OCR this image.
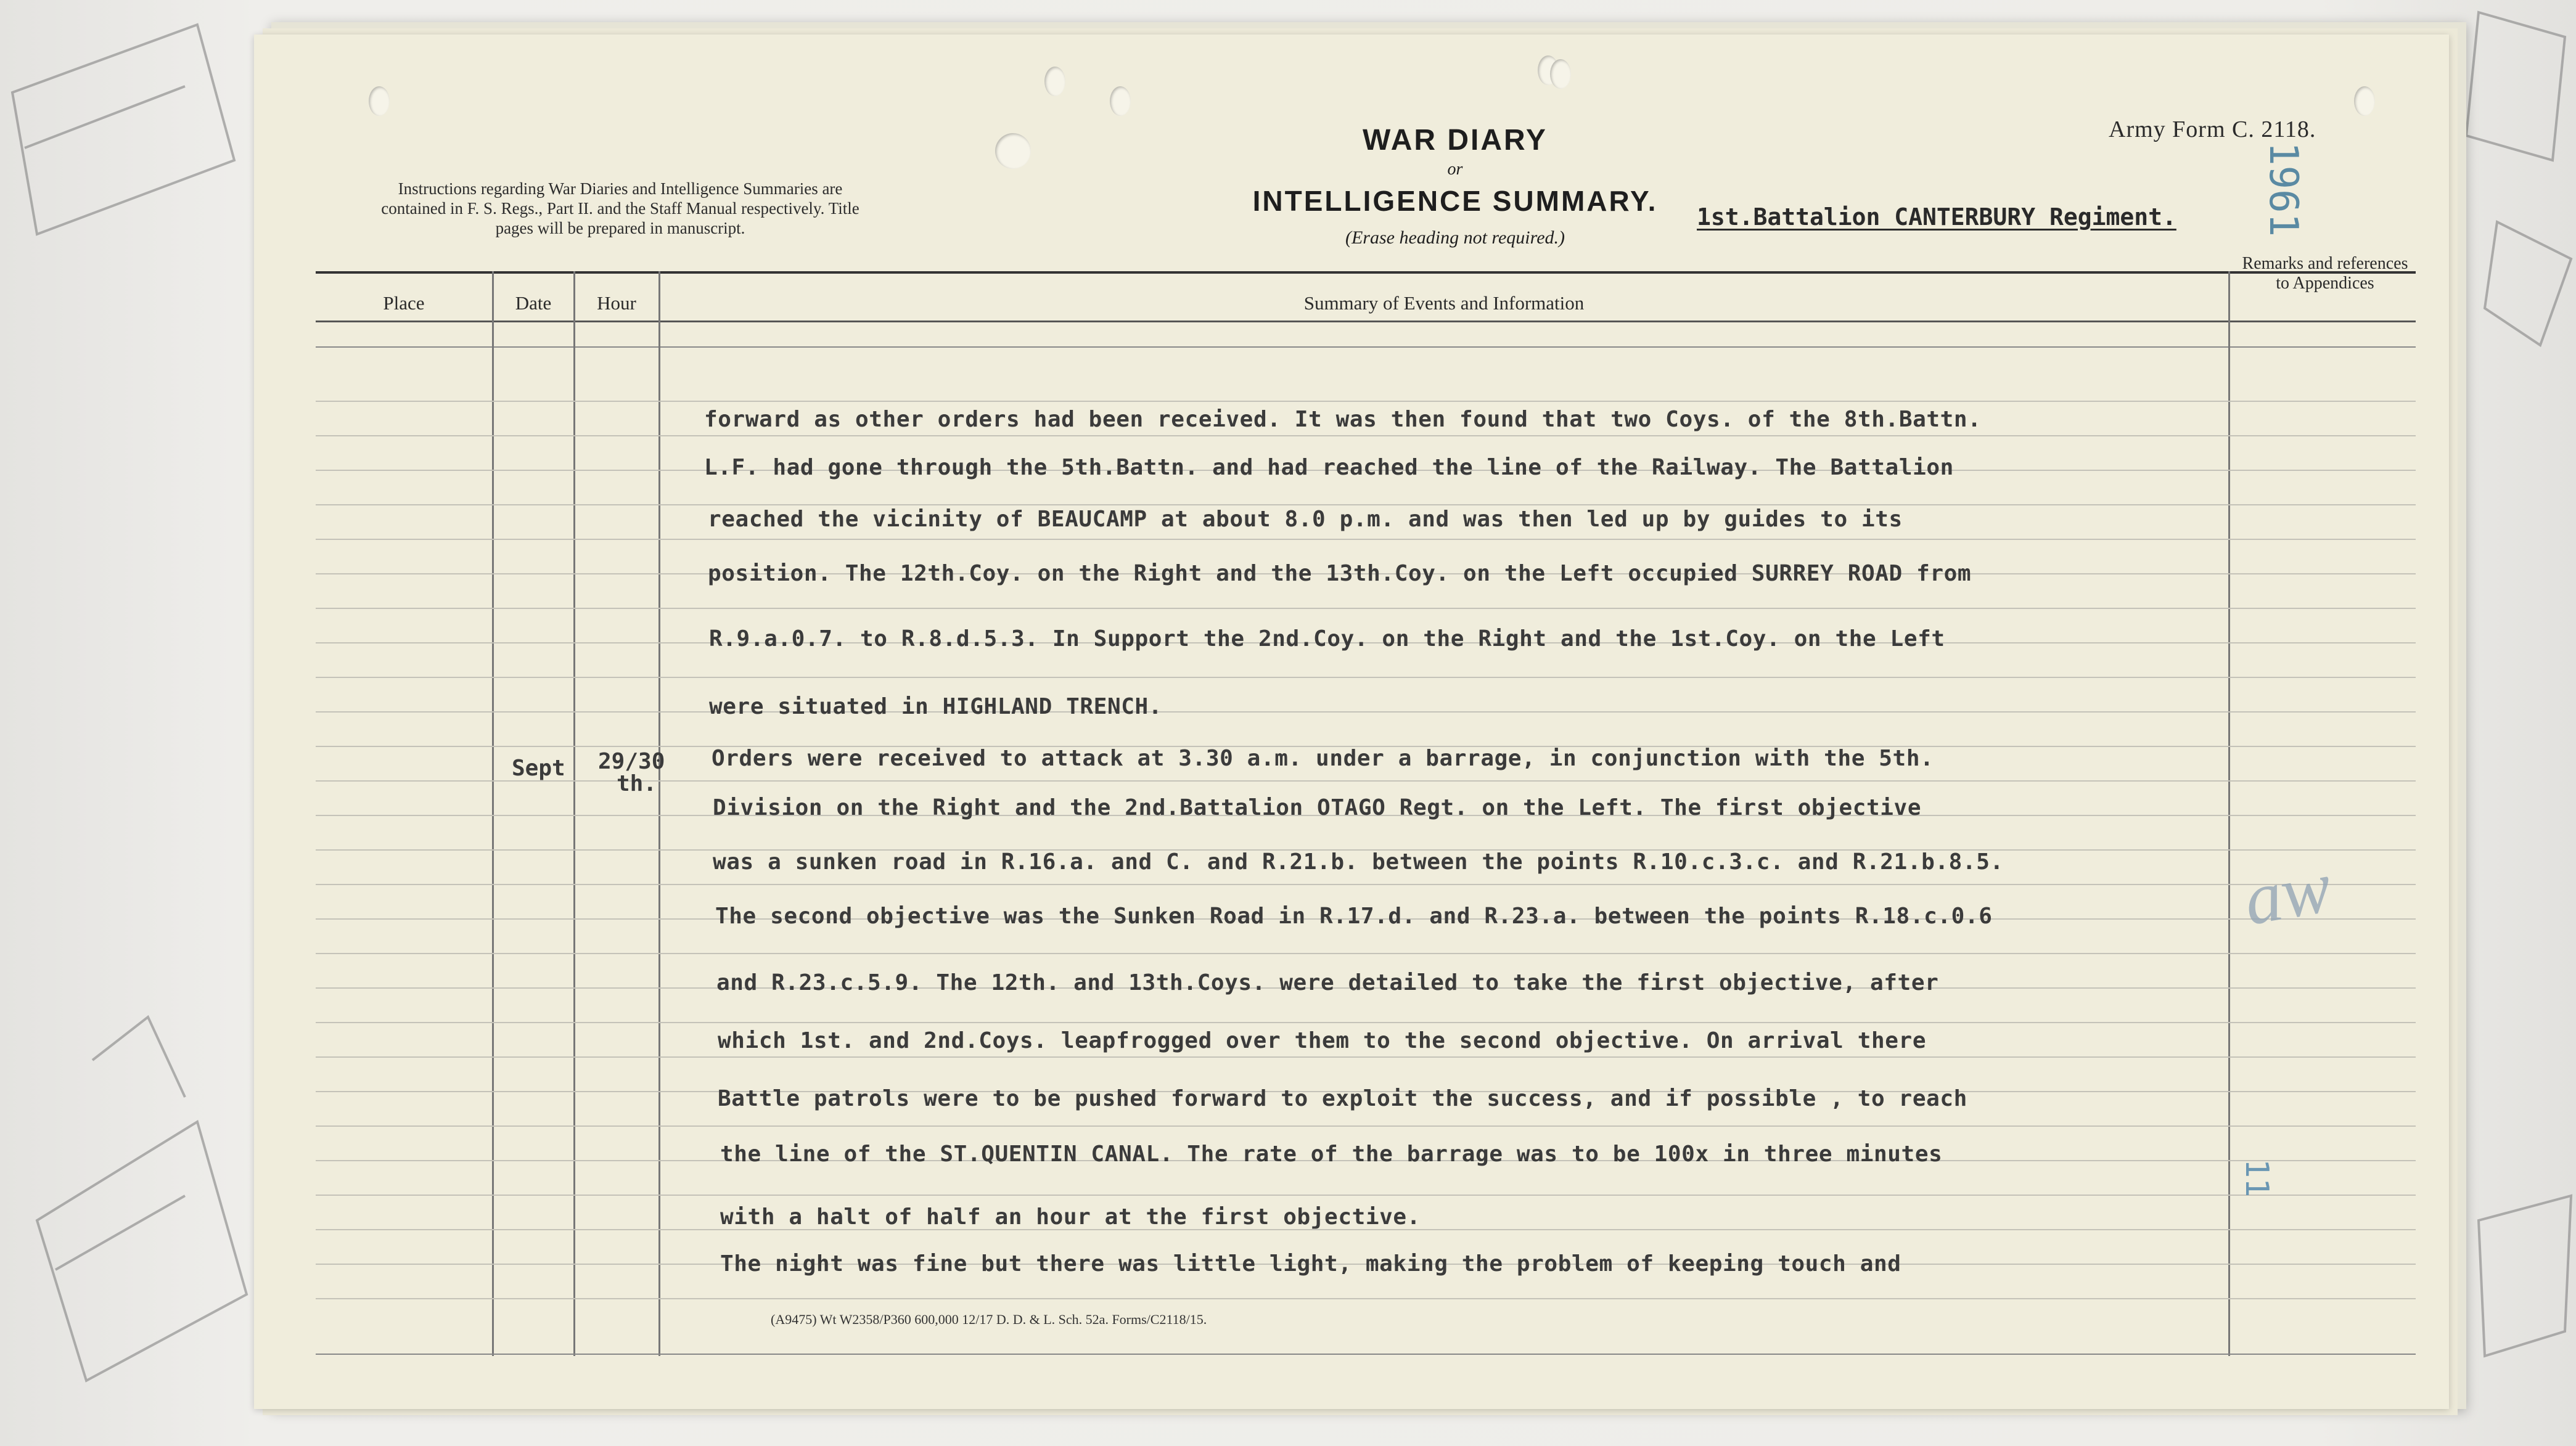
Instructions regarding War Diaries and Intelligence Summaries are contained in F. S. Regs., Part II. and the Staff Manual respectively. Title pages will be prepared in manuscript.
WAR DIARY
or
INTELLIGENCE SUMMARY.
(Erase heading not required.)
Army Form C. 2118.
1961
1st.Battalion CANTERBURY Regiment.
Place	Date	Hour	Summary of Events and Information
Remarks and references to Appendices
Sept 29/30
th.
forward as other orders had been received. It was then found that two Coys. of the 8th.Battn.
L.F. had gone through the 5th.Battn. and had reached the line of the Railway. The Battalion
reached the vicinity of BEAUCAMP at about 8.0 p.m. and was then led up by guides to its
position. The 12th.Coy. on the Right and the 13th.Coy. on the Left occupied SURREY ROAD from
R.9.a.0.7. to R.8.d.5.3. In Support the 2nd.Coy. on the Right and the 1st.Coy. on the Left
were situated in HIGHLAND TRENCH.
Orders were received to attack at 3.30 a.m. under a barrage, in conjunction with the 5th.
Division on the Right and the 2nd.Battalion OTAGO Regt. on the Left. The first objective
was a sunken road in R.16.a. and C. and R.21.b. between the points R.10.c.3.c. and R.21.b.8.5.
The second objective was the Sunken Road in R.17.d. and R.23.a. between the points R.18.c.0.6
and R.23.c.5.9. The 12th. and 13th.Coys. were detailed to take the first objective, after
which 1st. and 2nd.Coys. leapfrogged over them to the second objective. On arrival there
Battle patrols were to be pushed forward to exploit the success, and if possible , to reach
the line of the ST.QUENTIN CANAL. The rate of the barrage was to be 100x in three minutes
with a halt of half an hour at the first objective.
The night was fine but there was little light, making the problem of keeping touch and
aw
11
(A9475) Wt W2358/P360 600,000 12/17 D. D. & L. Sch. 52a. Forms/C2118/15.
